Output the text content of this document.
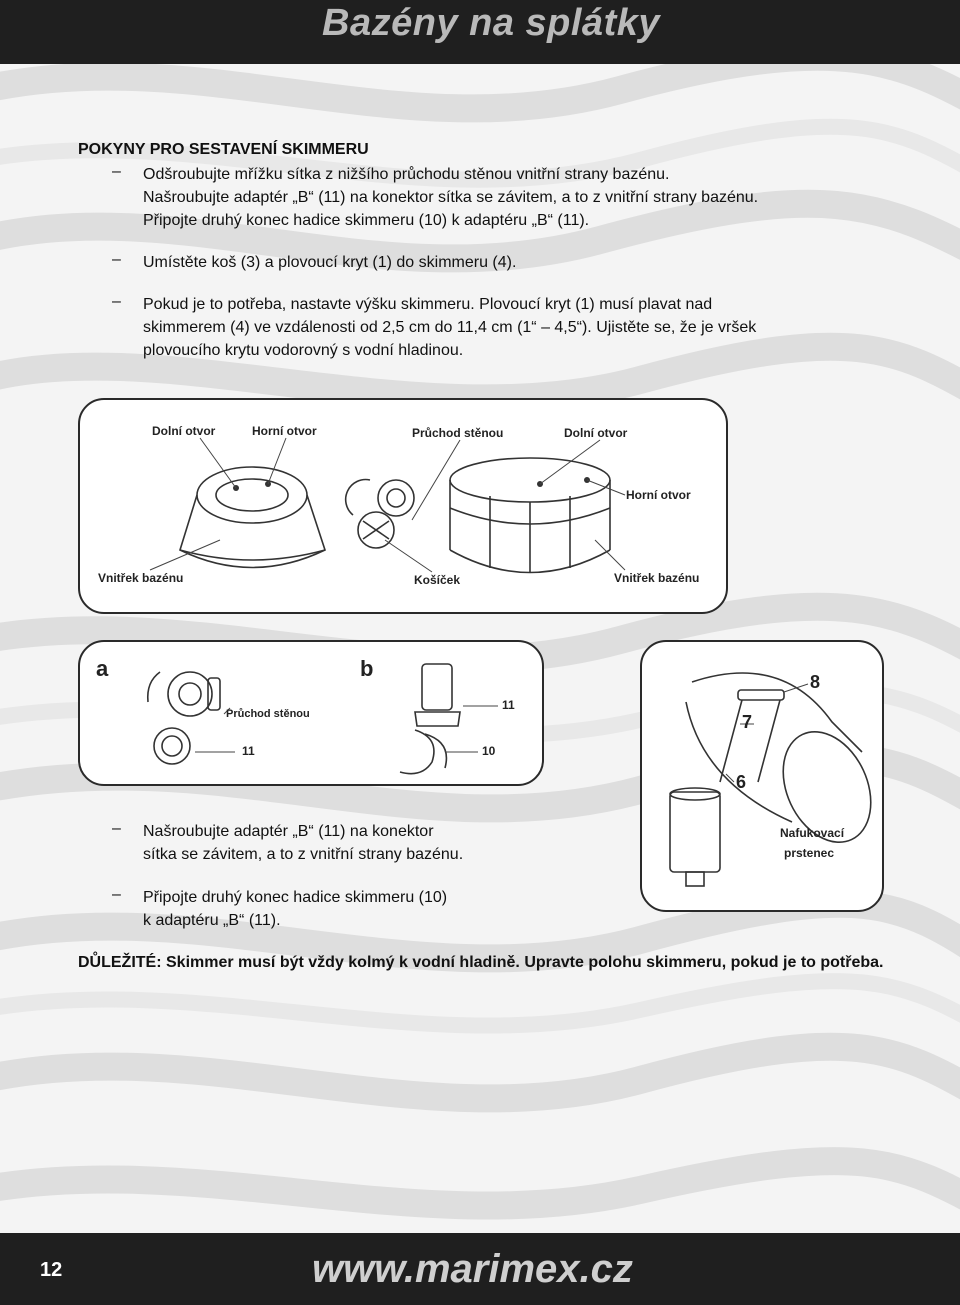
Bazény na splátky
POKYNY PRO SESTAVENÍ SKIMMERU
– Odšroubujte mřížku sítka z nižšího průchodu stěnou vnitřní strany bazénu.
Našroubujte adaptér „B“ (11) na konektor sítka se závitem, a to z vnitřní strany bazénu.
Připojte druhý konec hadice skimmeru (10) k adaptéru „B“ (11).
– Umístěte koš (3) a plovoucí kryt (1) do skimmeru (4).
– Pokud je to potřeba, nastavte výšku skimmeru. Plovoucí kryt (1) musí plavat nad
skimmerem (4) ve vzdálenosti od 2,5 cm do 11,4 cm (1“ – 4,5“). Ujistěte se, že je vršek
plovoucího krytu vodorovný s vodní hladinou.
Dolní otvor	Horní otvor	Průchod stěnou	Dolní otvor
Horní otvor
Vnitřek bazénu	Košíček	Vnitřek bazénu
a	b
Průchod stěnou
11
11
10
8
7
6
Nafukovací
prstenec
– Našroubujte adaptér „B“ (11) na konektor
sítka se závitem, a to z vnitřní strany bazénu.
– Připojte druhý konec hadice skimmeru (10)
k adaptéru „B“ (11).
DŮLEŽITÉ: Skimmer musí být vždy kolmý k vodní hladině. Upravte polohu skimmeru, pokud je to potřeba.
12	www.marimex.cz
